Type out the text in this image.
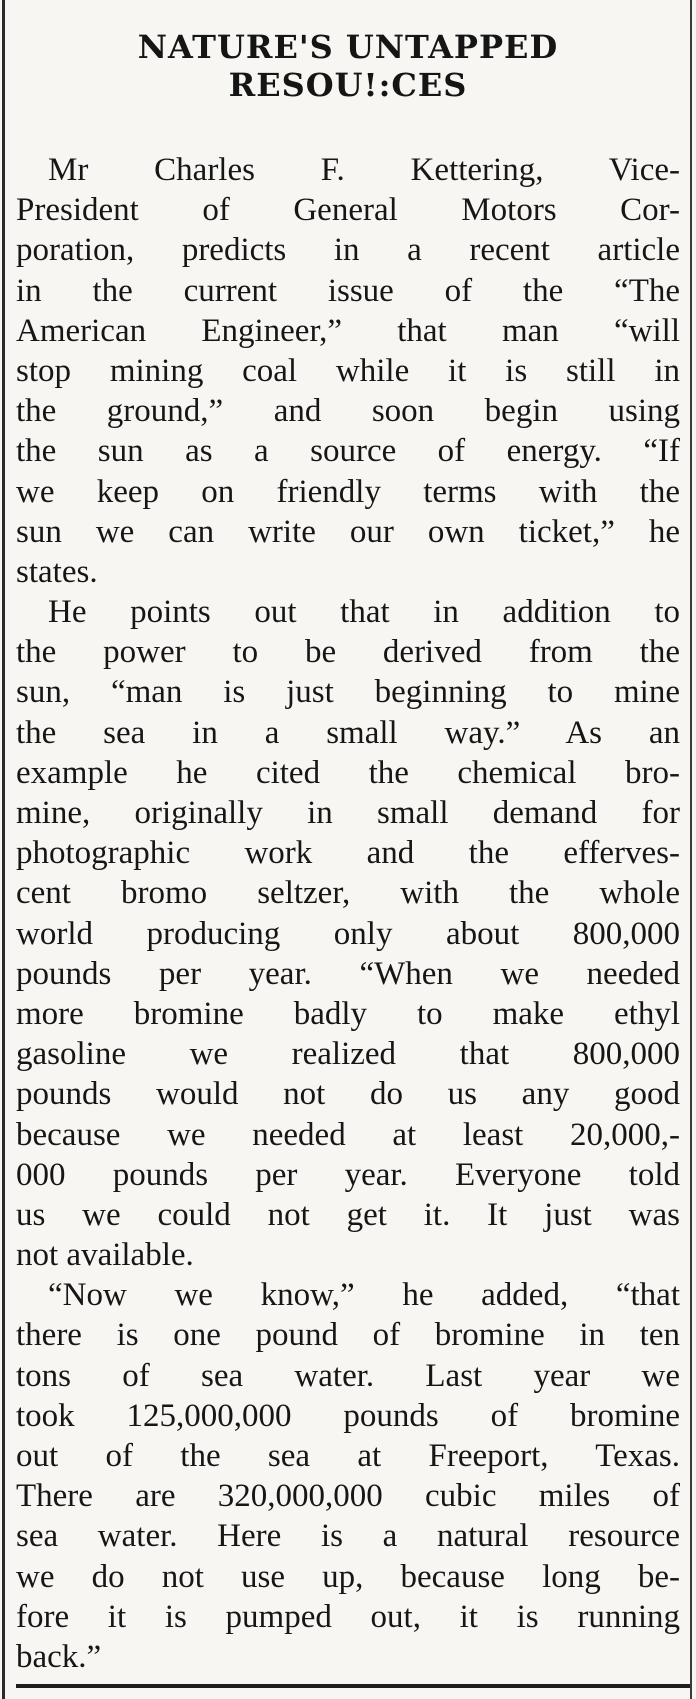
NATURE'S UNTAPPED
RESOU!:CES
Mr Charles F. Kettering, Vice-
President of General Motors Cor-
poration, predicts in a recent article
in the current issue of the “The
American Engineer,” that man “will
stop mining coal while it is still in
the ground,” and soon begin using
the sun as a source of energy. “If
we keep on friendly terms with the
sun we can write our own ticket,” he
states.
He points out that in addition to
the power to be derived from the
sun, “man is just beginning to mine
the sea in a small way.” As an
example he cited the chemical bro-
mine, originally in small demand for
photographic work and the efferves-
cent bromo seltzer, with the whole
world producing only about 800,000
pounds per year. “When we needed
more bromine badly to make ethyl
gasoline we realized that 800,000
pounds would not do us any good
because we needed at least 20,000,-
000 pounds per year. Everyone told
us we could not get it. It just was
not available.
“Now we know,” he added, “that
there is one pound of bromine in ten
tons of sea water. Last year we
took 125,000,000 pounds of bromine
out of the sea at Freeport, Texas.
There are 320,000,000 cubic miles of
sea water. Here is a natural resource
we do not use up, because long be-
fore it is pumped out, it is running
back.”
